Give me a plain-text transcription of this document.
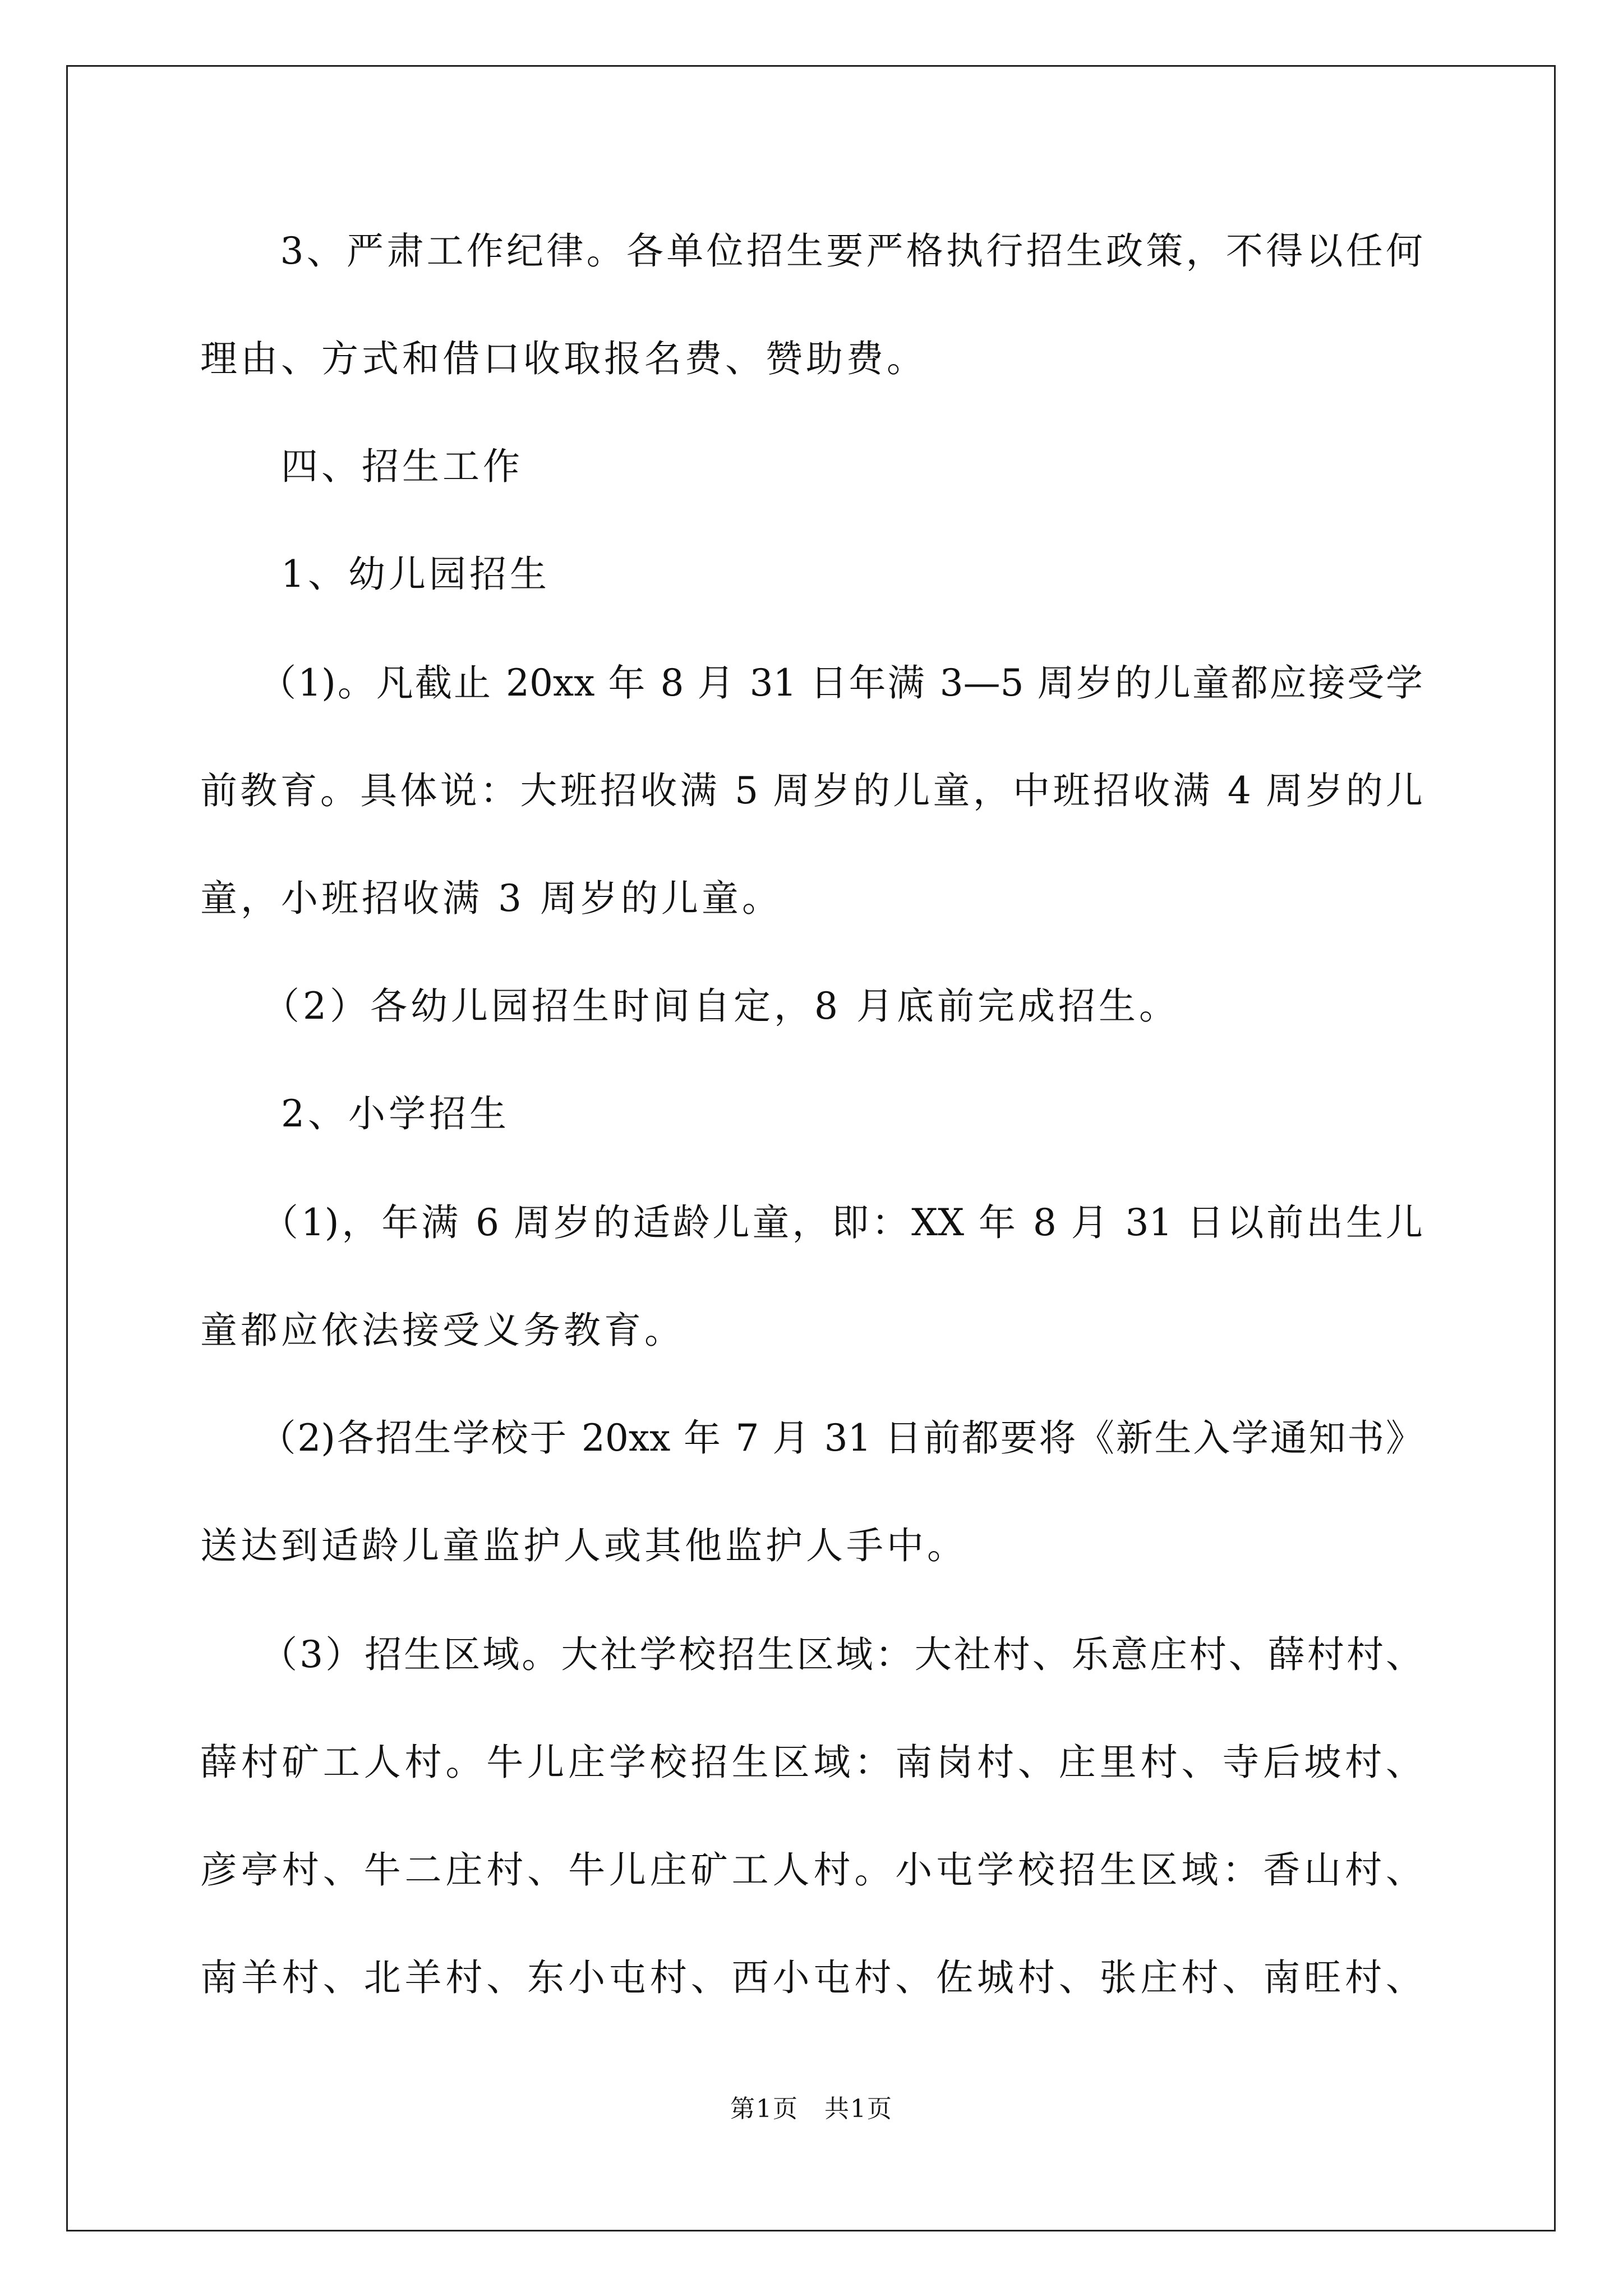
　　3、严肃工作纪律。各单位招生要严格执行招生政策，不得以任何
理由、方式和借口收取报名费、赞助费。
　　四、招生工作
　　1、幼儿园招生
　　（1)。凡截止 20xx 年 8 月 31 日年满 3—5 周岁的儿童都应接受学
前教育。具体说：大班招收满 5 周岁的儿童，中班招收满 4 周岁的儿
童，小班招收满 3 周岁的儿童。
　　（2）各幼儿园招生时间自定，8 月底前完成招生。
　　2、小学招生
　　（1)，年满 6 周岁的适龄儿童，即：XX 年 8 月 31 日以前出生儿
童都应依法接受义务教育。
　　（2)各招生学校于 20xx 年 7 月 31 日前都要将《新生入学通知书》
送达到适龄儿童监护人或其他监护人手中。
　　（3）招生区域。大社学校招生区域：大社村、乐意庄村、薛村村、
薛村矿工人村。牛儿庄学校招生区域：南岗村、庄里村、寺后坡村、
彦亭村、牛二庄村、牛儿庄矿工人村。小屯学校招生区域：香山村、
南羊村、北羊村、东小屯村、西小屯村、佐城村、张庄村、南旺村、
第1页　共1页
